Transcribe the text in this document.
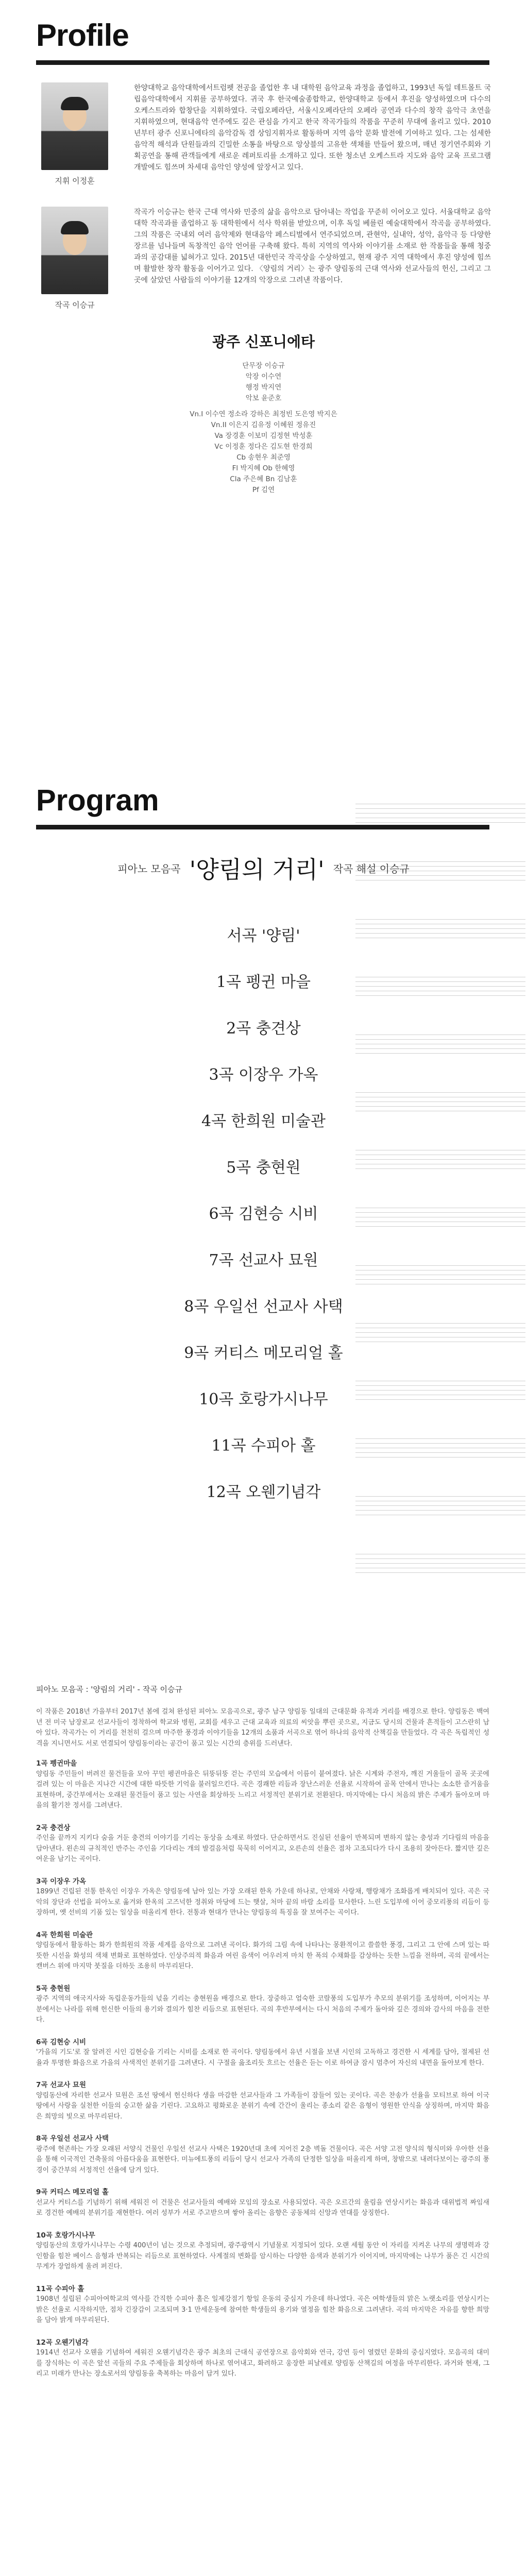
Profile
지휘 이정훈

한양대학교 음악대학에서트럼펫 전공을 졸업한 후 내 대학원 음악교육 과정을 졸업하고, 1993년 독일 데트몰트 국립음악대학에서 지휘를 공부하였다. 귀국 후 한국예술종합학교, 한양대학교 등에서 후진을 양성하였으며 다수의 오케스트라와 합창단을 지휘하였다. 국립오페라단, 서울시오페라단의 오페라 공연과 다수의 창작 음악극 초연을 지휘하였으며, 현대음악 연주에도 깊은 관심을 가지고 한국 작곡가들의 작품을 꾸준히 무대에 올리고 있다. 2010년부터 광주 신포니에타의 음악감독 겸 상임지휘자로 활동하며 지역 음악 문화 발전에 기여하고 있다. 그는 섬세한 음악적 해석과 단원들과의 긴밀한 소통을 바탕으로 앙상블의 고유한 색채를 만들어 왔으며, 매년 정기연주회와 기획공연을 통해 관객들에게 새로운 레퍼토리를 소개하고 있다. 또한 청소년 오케스트라 지도와 음악 교육 프로그램 개발에도 힘쓰며 차세대 음악인 양성에 앞장서고 있다.

작곡 이승규

작곡가 이승규는 한국 근대 역사와 민중의 삶을 음악으로 담아내는 작업을 꾸준히 이어오고 있다. 서울대학교 음악대학 작곡과를 졸업하고 동 대학원에서 석사 학위를 받았으며, 이후 독일 베를린 예술대학에서 작곡을 공부하였다. 그의 작품은 국내외 여러 음악제와 현대음악 페스티벌에서 연주되었으며, 관현악, 실내악, 성악, 음악극 등 다양한 장르를 넘나들며 독창적인 음악 언어를 구축해 왔다. 특히 지역의 역사와 이야기를 소재로 한 작품들을 통해 청중과의 공감대를 넓혀가고 있다. 2015년 대한민국 작곡상을 수상하였고, 현재 광주 지역 대학에서 후진 양성에 힘쓰며 활발한 창작 활동을 이어가고 있다. 〈양림의 거리〉는 광주 양림동의 근대 역사와 선교사들의 헌신, 그리고 그곳에 살았던 사람들의 이야기를 12개의 악장으로 그려낸 작품이다.

광주 신포니에타
단무장 이승규
악장 이수연
행정 박지연
악보 윤준호
Vn.I 이수연 정소라 강하은 최정빈 도은영 박지은
Vn.II 이은지 김유정 이혜원 정유진
Va 장경훈 이보미 김정현 박성훈
Vc 이정훈 정다은 김도현 한경희
Cb 송현우 최준영
Fl 박지혜 Ob 한혜영
Cla 주은혜 Bn 김남훈
Pf 김연
Program
피아노 모음곡 '양림의 거리' 작곡 해설 이승규
서곡 '양림'
1곡 펭귄 마을
2곡 충견상
3곡 이장우 가옥
4곡 한희원 미술관
5곡 충현원
6곡 김현승 시비
7곡 선교사 묘원
8곡 우일선 선교사 사택
9곡 커티스 메모리얼 홀
10곡 호랑가시나무
11곡 수피아 홀
12곡 오웬기념각
피아노 모음곡 : '양림의 거리' - 작곡 이승규

이 작품은 2018년 가을부터 2017년 봄에 걸쳐 완성된 피아노 모음곡으로, 광주 남구 양림동 일대의 근대문화 유적과 거리를 배경으로 한다. 양림동은 백여 년 전 미국 남장로교 선교사들이 정착하여 학교와 병원, 교회를 세우고 근대 교육과 의료의 씨앗을 뿌린 곳으로, 지금도 당시의 건물과 흔적들이 고스란히 남아 있다. 작곡가는 이 거리를 천천히 걸으며 마주한 풍경과 이야기들을 12개의 소품과 서곡으로 엮어 하나의 음악적 산책길을 만들었다. 각 곡은 독립적인 성격을 지니면서도 서로 연결되어 양림동이라는 공간이 품고 있는 시간의 층위를 드러낸다.

1곡 펭귄마을
양림동 주민들이 버려진 물건들을 모아 꾸민 펭귄마을은 뒤뚱뒤뚱 걷는 주민의 모습에서 이름이 붙여졌다. 낡은 시계와 주전자, 깨진 거울들이 골목 곳곳에 걸려 있는 이 마을은 지나간 시간에 대한 따뜻한 기억을 불러일으킨다. 곡은 경쾌한 리듬과 장난스러운 선율로 시작하여 골목 안에서 만나는 소소한 즐거움을 표현하며, 중간부에서는 오래된 물건들이 품고 있는 사연을 회상하듯 느리고 서정적인 분위기로 전환된다. 마지막에는 다시 처음의 밝은 주제가 돌아오며 마을의 활기찬 정서를 그려낸다.
2곡 충견상
주인을 끝까지 지키다 숨을 거둔 충견의 이야기를 기리는 동상을 소재로 하였다. 단순하면서도 진실된 선율이 반복되며 변하지 않는 충성과 기다림의 마음을 담아낸다. 왼손의 규칙적인 반주는 주인을 기다리는 개의 발걸음처럼 묵묵히 이어지고, 오른손의 선율은 점차 고조되다가 다시 조용히 잦아든다. 짧지만 깊은 여운을 남기는 곡이다.
3곡 이장우 가옥
1899년 건립된 전통 한옥인 이장우 가옥은 양림동에 남아 있는 가장 오래된 한옥 가운데 하나로, 안채와 사랑채, 행랑채가 조화롭게 배치되어 있다. 곡은 국악의 장단과 선법을 피아노로 옮겨와 한옥의 고즈넉한 정취와 마당에 드는 햇살, 처마 끝의 바람 소리를 묘사한다. 느린 도입부에 이어 중모리풍의 리듬이 등장하며, 옛 선비의 기품 있는 일상을 떠올리게 한다. 전통과 현대가 만나는 양림동의 특징을 잘 보여주는 곡이다.
4곡 한희원 미술관
양림동에서 활동하는 화가 한희원의 작품 세계를 음악으로 그려낸 곡이다. 화가의 그림 속에 나타나는 몽환적이고 쓸쓸한 풍경, 그리고 그 안에 스며 있는 따뜻한 시선을 화성의 색채 변화로 표현하였다. 인상주의적 화음과 여린 음색이 어우러져 마치 한 폭의 수채화를 감상하는 듯한 느낌을 전하며, 곡의 끝에서는 캔버스 위에 마지막 붓질을 더하듯 조용히 마무리된다.
5곡 충현원
광주 지역의 애국지사와 독립운동가들의 넋을 기리는 충현원을 배경으로 한다. 장중하고 엄숙한 코랄풍의 도입부가 추모의 분위기를 조성하며, 이어지는 부분에서는 나라를 위해 헌신한 이들의 용기와 결의가 힘찬 리듬으로 표현된다. 곡의 후반부에서는 다시 처음의 주제가 돌아와 깊은 경의와 감사의 마음을 전한다.
6곡 김현승 시비
'가을의 기도'로 잘 알려진 시인 김현승을 기리는 시비를 소재로 한 곡이다. 양림동에서 유년 시절을 보낸 시인의 고독하고 경건한 시 세계를 담아, 절제된 선율과 투명한 화음으로 가을의 사색적인 분위기를 그려낸다. 시 구절을 읊조리듯 흐르는 선율은 듣는 이로 하여금 잠시 멈추어 자신의 내면을 돌아보게 한다.
7곡 선교사 묘원
양림동산에 자리한 선교사 묘원은 조선 땅에서 헌신하다 생을 마감한 선교사들과 그 가족들이 잠들어 있는 곳이다. 곡은 찬송가 선율을 모티브로 하여 이국 땅에서 사랑을 실천한 이들의 숭고한 삶을 기린다. 고요하고 평화로운 분위기 속에 간간이 울리는 종소리 같은 음형이 영원한 안식을 상징하며, 마지막 화음은 희망의 빛으로 마무리된다.
8곡 우일선 선교사 사택
광주에 현존하는 가장 오래된 서양식 건물인 우일선 선교사 사택은 1920년대 초에 지어진 2층 벽돌 건물이다. 곡은 서양 고전 양식의 형식미와 우아한 선율을 통해 이국적인 건축물의 아름다움을 표현한다. 미뉴에트풍의 리듬이 당시 선교사 가족의 단정한 일상을 떠올리게 하며, 창밖으로 내려다보이는 광주의 풍경이 중간부의 서정적인 선율에 담겨 있다.
9곡 커티스 메모리얼 홀
선교사 커티스를 기념하기 위해 세워진 이 건물은 선교사들의 예배와 모임의 장소로 사용되었다. 곡은 오르간의 울림을 연상시키는 화음과 대위법적 짜임새로 경건한 예배의 분위기를 재현한다. 여러 성부가 서로 주고받으며 쌓아 올리는 음향은 공동체의 신앙과 연대를 상징한다.
10곡 호랑가시나무
양림동산의 호랑가시나무는 수령 400년이 넘는 것으로 추정되며, 광주광역시 기념물로 지정되어 있다. 오랜 세월 동안 이 자리를 지켜온 나무의 생명력과 강인함을 힘찬 베이스 음형과 반복되는 리듬으로 표현하였다. 사계절의 변화를 암시하는 다양한 음색과 분위기가 이어지며, 마지막에는 나무가 품은 긴 시간의 무게가 장엄하게 울려 퍼진다.
11곡 수피아 홀
1908년 설립된 수피아여학교의 역사를 간직한 수피아 홀은 일제강점기 항일 운동의 중심지 가운데 하나였다. 곡은 여학생들의 맑은 노랫소리를 연상시키는 밝은 선율로 시작하지만, 점차 긴장감이 고조되며 3·1 만세운동에 참여한 학생들의 용기와 열정을 힘찬 화음으로 그려낸다. 곡의 마지막은 자유를 향한 희망을 담아 밝게 마무리된다.
12곡 오웬기념각
1914년 선교사 오웬을 기념하여 세워진 오웬기념각은 광주 최초의 근대식 공연장으로 음악회와 연극, 강연 등이 열렸던 문화의 중심지였다. 모음곡의 대미를 장식하는 이 곡은 앞선 곡들의 주요 주제들을 회상하며 하나로 엮어내고, 화려하고 웅장한 피날레로 양림동 산책길의 여정을 마무리한다. 과거와 현재, 그리고 미래가 만나는 장소로서의 양림동을 축복하는 마음이 담겨 있다.
